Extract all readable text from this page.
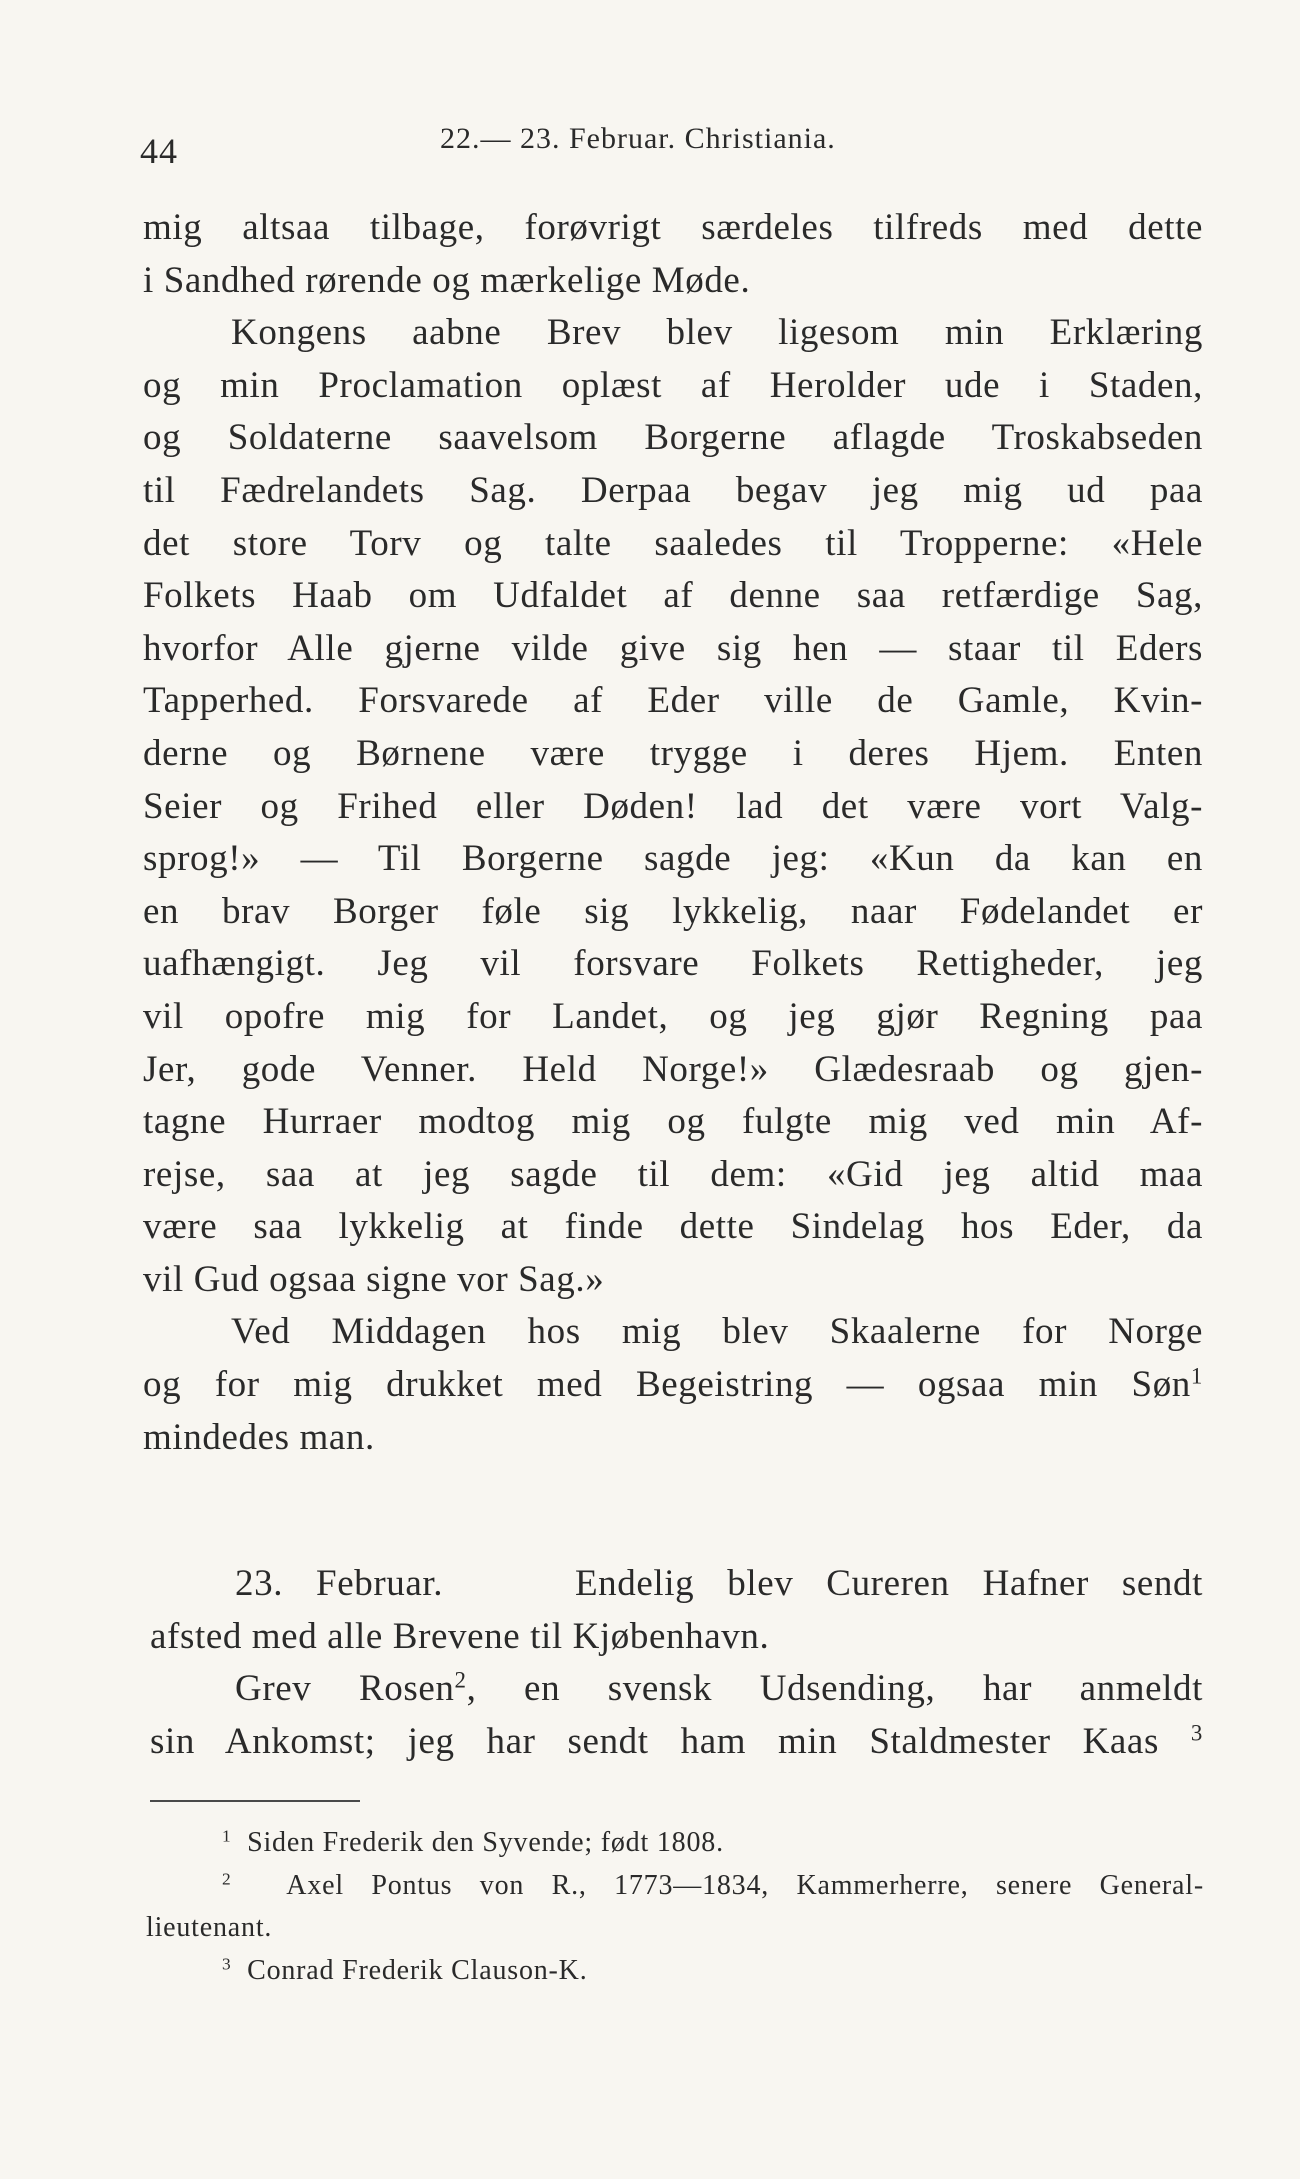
44	22.— 23. Februar. Christiania.
mig altsaa tilbage, forøvrigt særdeles tilfreds med dette
i Sandhed rørende og mærkelige Møde.
Kongens aabne Brev blev ligesom min Erklæring
og min Proclamation oplæst af Herolder ude i Staden,
og Soldaterne saavelsom Borgerne aflagde Troskabseden
til Fædrelandets Sag. Derpaa begav jeg mig ud paa
det store Torv og talte saaledes til Tropperne: «Hele
Folkets Haab om Udfaldet af denne saa retfærdige Sag,
hvorfor Alle gjerne vilde give sig hen — staar til Eders
Tapperhed. Forsvarede af Eder ville de Gamle, Kvin-
derne og Børnene være trygge i deres Hjem. Enten
Seier og Frihed eller Døden! lad det være vort Valg-
sprog!» — Til Borgerne sagde jeg: «Kun da kan en
en brav Borger føle sig lykkelig, naar Fødelandet er
uafhængigt. Jeg vil forsvare Folkets Rettigheder, jeg
vil opofre mig for Landet, og jeg gjør Regning paa
Jer, gode Venner. Held Norge!» Glædesraab og gjen-
tagne Hurraer modtog mig og fulgte mig ved min Af-
rejse, saa at jeg sagde til dem: «Gid jeg altid maa
være saa lykkelig at finde dette Sindelag hos Eder, da
vil Gud ogsaa signe vor Sag.»
Ved Middagen hos mig blev Skaalerne for Norge
og for mig drukket med Begeistring — ogsaa min Søn$^1$
mindedes man.
23. Februar.	Endelig blev Cureren Hafner sendt
afsted med alle Brevene til Kjøbenhavn.
Grev Rosen$^2$, en svensk Udsending, har anmeldt
sin Ankomst; jeg har sendt ham min Staldmester Kaas $^3$
$^1$ Siden Frederik den Syvende; født 1808.
$^2$ Axel Pontus von R., 1773—1834, Kammerherre, senere General-
lieutenant.
$^3$ Conrad Frederik Clauson-K.
